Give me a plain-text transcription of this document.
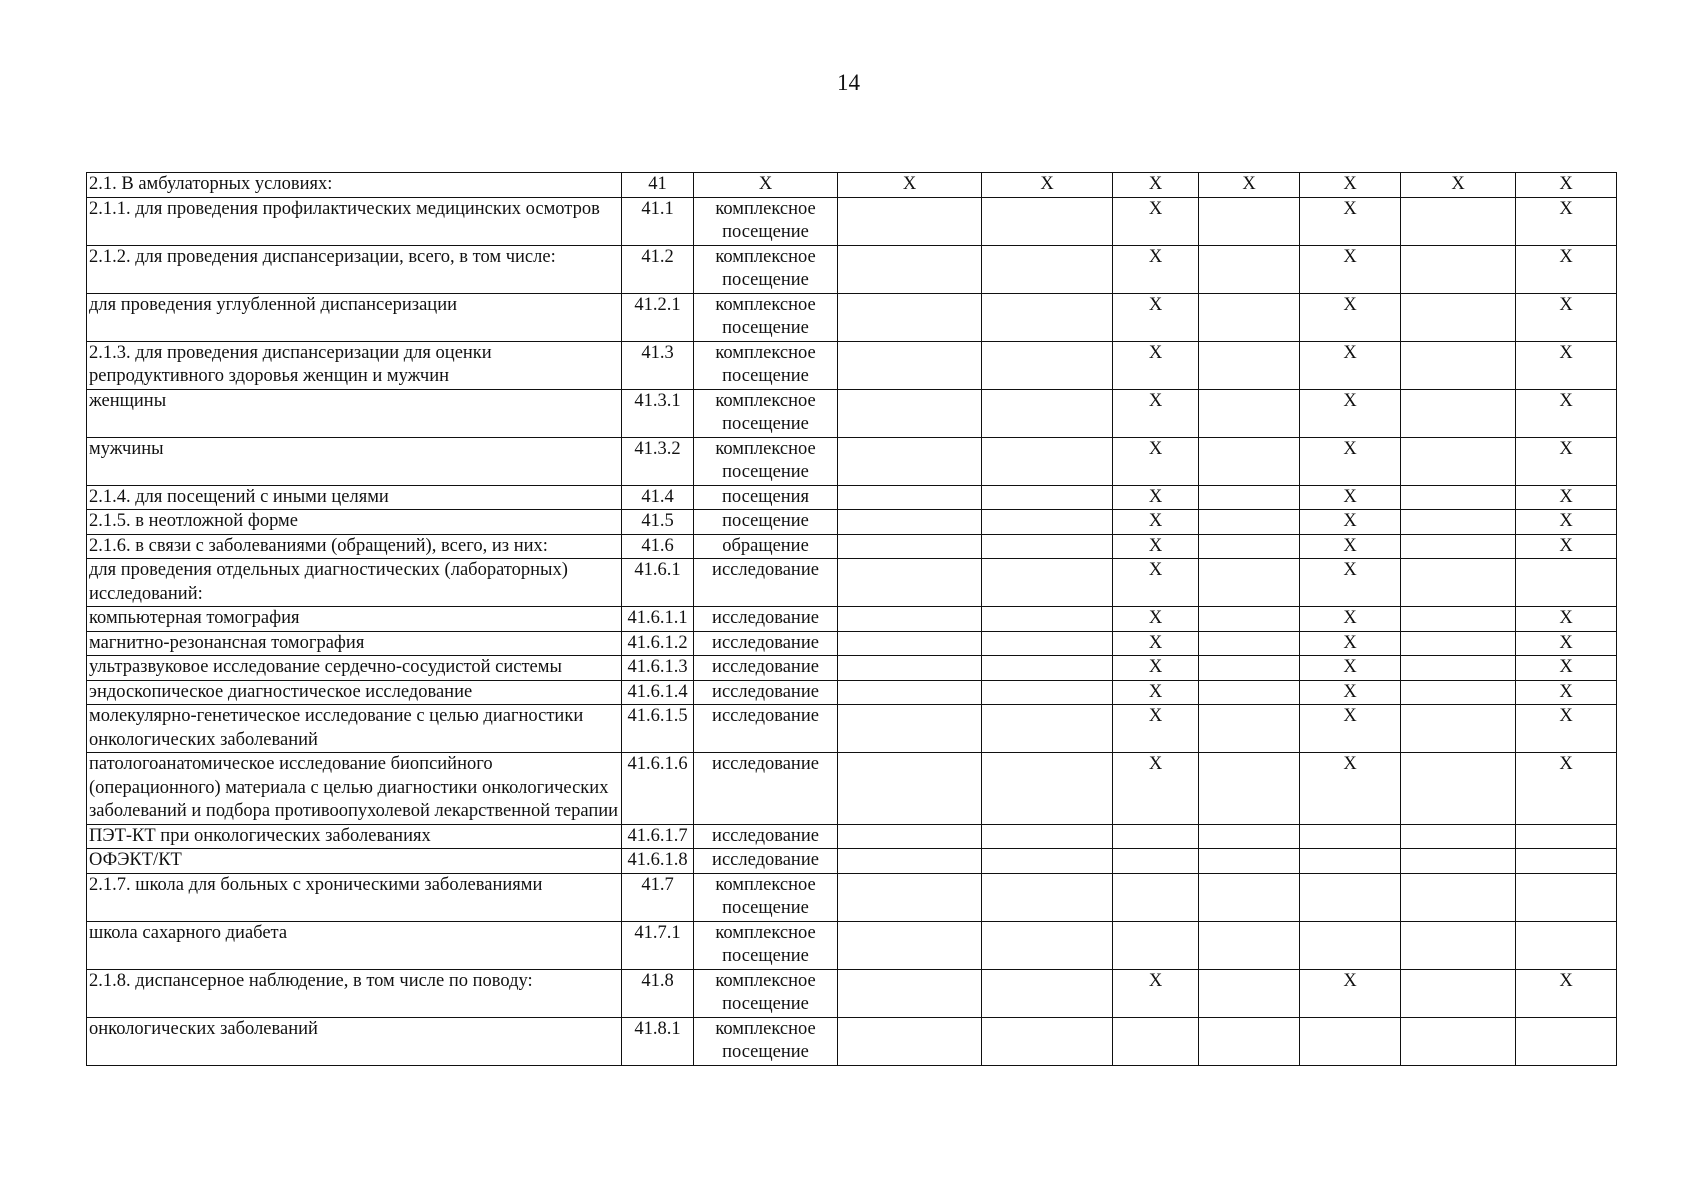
14
2.1. В амбулаторных условиях:	41	Х	Х	Х	Х	Х	Х	Х	Х
2.1.1. для проведения профилактических медицинских осмотров	41.1	комплексное посещение			Х		Х		Х
2.1.2. для проведения диспансеризации, всего, в том числе:	41.2	комплексное посещение			Х		Х		Х
для проведения углубленной диспансеризации	41.2.1	комплексное посещение			Х		Х		Х
2.1.3. для проведения диспансеризации для оценки репродуктивного здоровья женщин и мужчин	41.3	комплексное посещение			Х		Х		Х
женщины	41.3.1	комплексное посещение			Х		Х		Х
мужчины	41.3.2	комплексное посещение			Х		Х		Х
2.1.4. для посещений с иными целями	41.4	посещения			Х		Х		Х
2.1.5. в неотложной форме	41.5	посещение			Х		Х		Х
2.1.6. в связи с заболеваниями (обращений), всего, из них:	41.6	обращение			Х		Х		Х
для проведения отдельных диагностических (лабораторных) исследований:	41.6.1	исследование			Х		Х		
компьютерная томография	41.6.1.1	исследование			Х		Х		Х
магнитно-резонансная томография	41.6.1.2	исследование			Х		Х		Х
ультразвуковое исследование сердечно-сосудистой системы	41.6.1.3	исследование			Х		Х		Х
эндоскопическое диагностическое исследование	41.6.1.4	исследование			Х		Х		Х
молекулярно-генетическое исследование с целью диагностики онкологических заболеваний	41.6.1.5	исследование			Х		Х		Х
патологоанатомическое исследование биопсийного (операционного) материала с целью диагностики онкологических заболеваний и подбора противоопухолевой лекарственной терапии	41.6.1.6	исследование			Х		Х		Х
ПЭТ-КТ при онкологических заболеваниях	41.6.1.7	исследование							
ОФЭКТ/КТ	41.6.1.8	исследование							
2.1.7. школа для больных с хроническими заболеваниями	41.7	комплексное посещение							
школа сахарного диабета	41.7.1	комплексное посещение							
2.1.8. диспансерное наблюдение, в том числе по поводу:	41.8	комплексное посещение			Х		Х		Х
онкологических заболеваний	41.8.1	комплексное посещение							
